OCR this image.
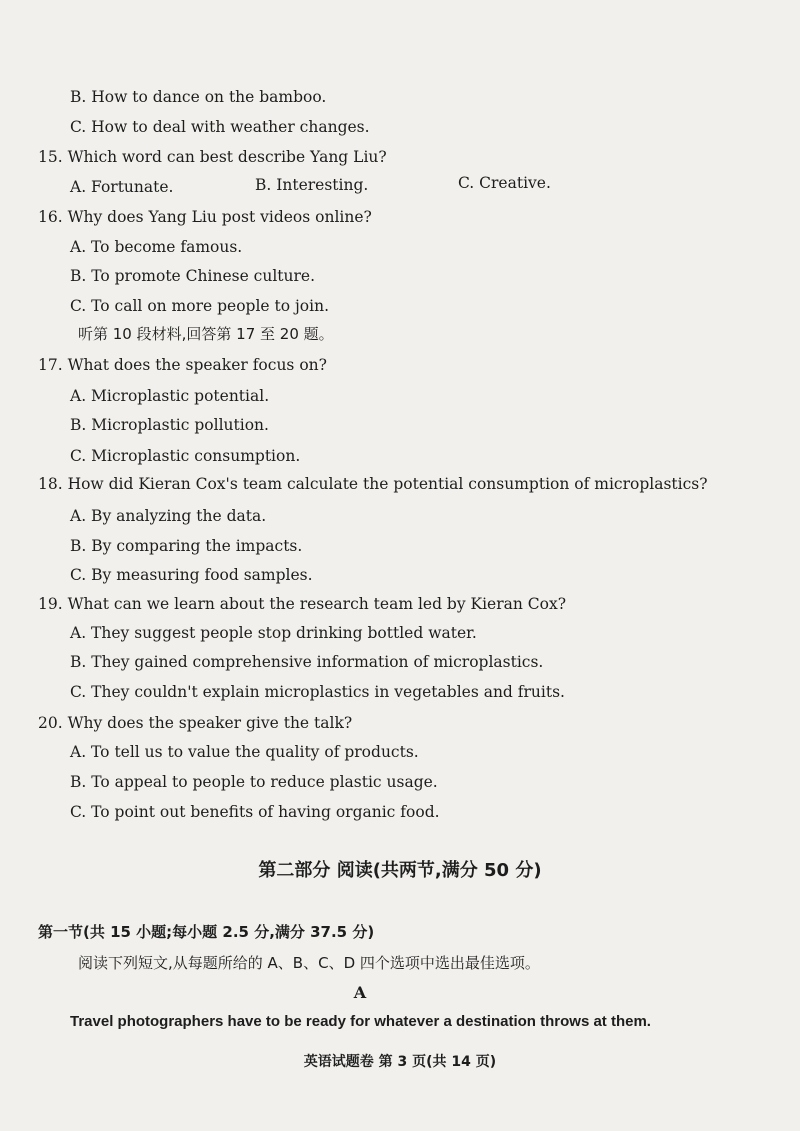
B. How to dance on the bamboo.
C. How to deal with weather changes.
15. Which word can best describe Yang Liu?
A. Fortunate.	B. Interesting.	C. Creative.
16. Why does Yang Liu post videos online?
A. To become famous.
B. To promote Chinese culture.
C. To call on more people to join.
听第 10 段材料,回答第 17 至 20 题。
17. What does the speaker focus on?
A. Microplastic potential.
B. Microplastic pollution.
C. Microplastic consumption.
18. How did Kieran Cox's team calculate the potential consumption of microplastics?
A. By analyzing the data.
B. By comparing the impacts.
C. By measuring food samples.
19. What can we learn about the research team led by Kieran Cox?
A. They suggest people stop drinking bottled water.
B. They gained comprehensive information of microplastics.
C. They couldn't explain microplastics in vegetables and fruits.
20. Why does the speaker give the talk?
A. To tell us to value the quality of products.
B. To appeal to people to reduce plastic usage.
C. To point out benefits of having organic food.
第二部分 阅读(共两节,满分 50 分)
第一节(共 15 小题;每小题 2.5 分,满分 37.5 分)
阅读下列短文,从每题所给的 A、B、C、D 四个选项中选出最佳选项。
A
Travel photographers have to be ready for whatever a destination throws at them.
英语试题卷 第 3 页(共 14 页)
